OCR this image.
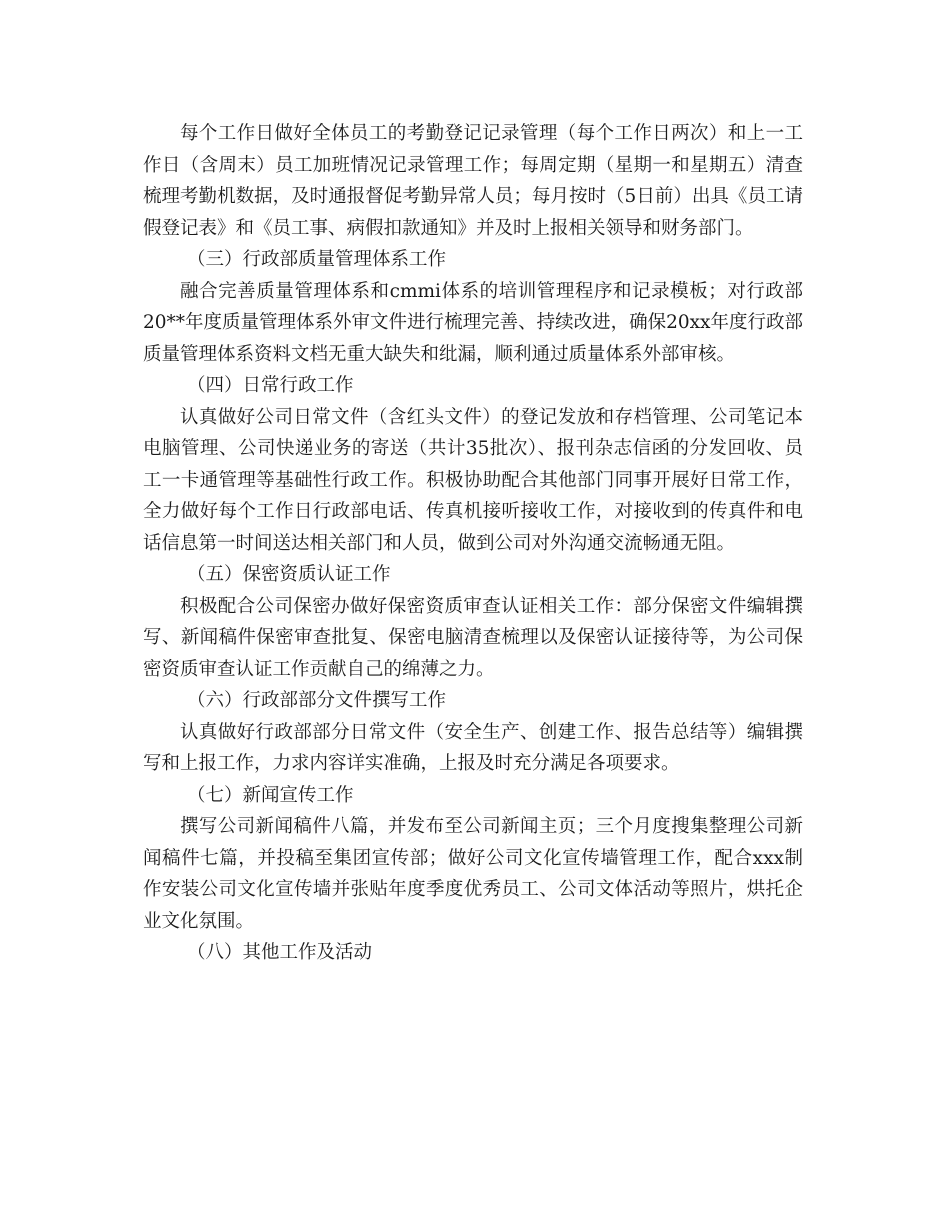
每个工作日做好全体员工的考勤登记记录管理（每个工作日两次）和上一工作日（含周末）员工加班情况记录管理工作；每周定期（星期一和星期五）清查梳理考勤机数据，及时通报督促考勤异常人员；每月按时（5日前）出具《员工请假登记表》和《员工事、病假扣款通知》并及时上报相关领导和财务部门。

（三）行政部质量管理体系工作

融合完善质量管理体系和cmmi体系的培训管理程序和记录模板；对行政部20**年度质量管理体系外审文件进行梳理完善、持续改进，确保20xx年度行政部质量管理体系资料文档无重大缺失和纰漏，顺利通过质量体系外部审核。

（四）日常行政工作

认真做好公司日常文件（含红头文件）的登记发放和存档管理、公司笔记本电脑管理、公司快递业务的寄送（共计35批次）、报刊杂志信函的分发回收、员工一卡通管理等基础性行政工作。积极协助配合其他部门同事开展好日常工作，全力做好每个工作日行政部电话、传真机接听接收工作，对接收到的传真件和电话信息第一时间送达相关部门和人员，做到公司对外沟通交流畅通无阻。

（五）保密资质认证工作

积极配合公司保密办做好保密资质审查认证相关工作：部分保密文件编辑撰写、新闻稿件保密审查批复、保密电脑清查梳理以及保密认证接待等，为公司保密资质审查认证工作贡献自己的绵薄之力。

（六）行政部部分文件撰写工作

认真做好行政部部分日常文件（安全生产、创建工作、报告总结等）编辑撰写和上报工作，力求内容详实准确，上报及时充分满足各项要求。

（七）新闻宣传工作

撰写公司新闻稿件八篇，并发布至公司新闻主页；三个月度搜集整理公司新闻稿件七篇，并投稿至集团宣传部；做好公司文化宣传墙管理工作，配合xxx制作安装公司文化宣传墙并张贴年度季度优秀员工、公司文体活动等照片，烘托企业文化氛围。

（八）其他工作及活动
